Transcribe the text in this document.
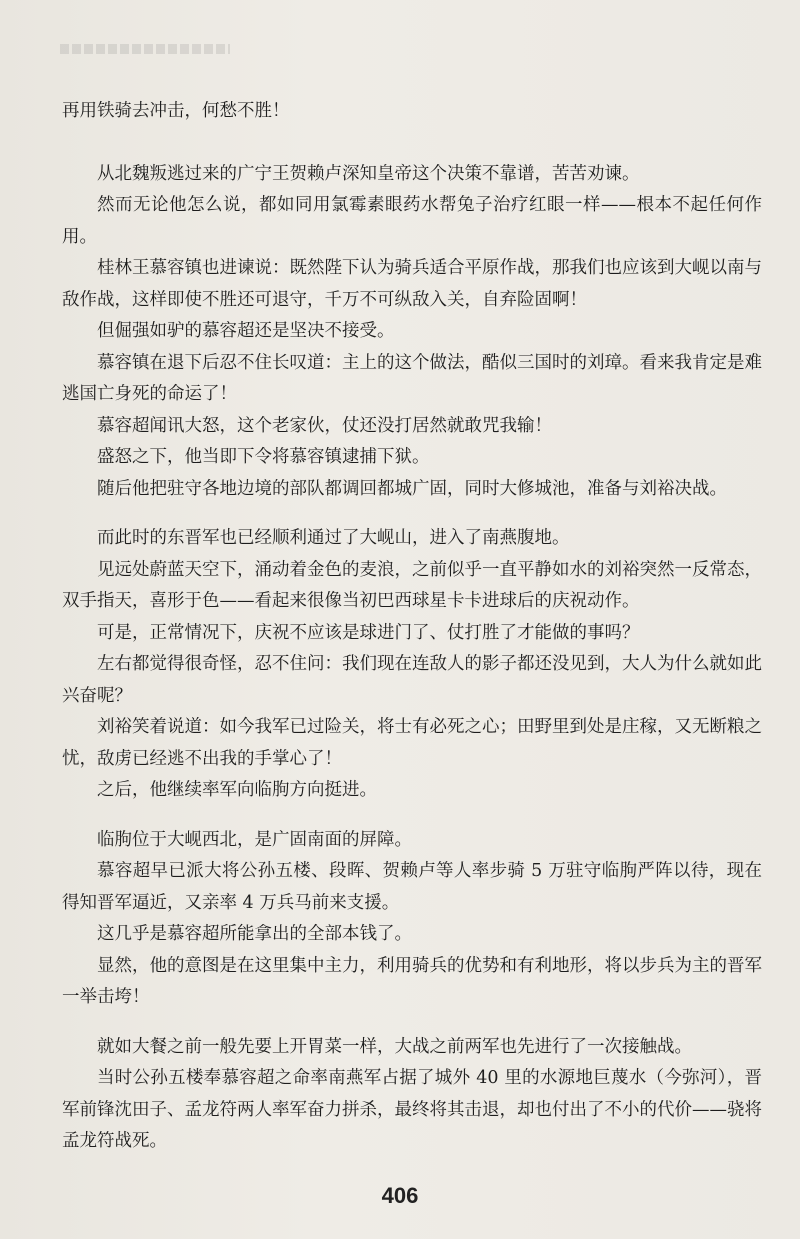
再用铁骑去冲击，何愁不胜！

从北魏叛逃过来的广宁王贺赖卢深知皇帝这个决策不靠谱，苦苦劝谏。

然而无论他怎么说，都如同用氯霉素眼药水帮兔子治疗红眼一样——根本不起任何作用。

桂林王慕容镇也进谏说：既然陛下认为骑兵适合平原作战，那我们也应该到大岘以南与敌作战，这样即使不胜还可退守，千万不可纵敌入关，自弃险固啊！

但倔强如驴的慕容超还是坚决不接受。

慕容镇在退下后忍不住长叹道：主上的这个做法，酷似三国时的刘璋。看来我肯定是难逃国亡身死的命运了！

慕容超闻讯大怒，这个老家伙，仗还没打居然就敢咒我输！

盛怒之下，他当即下令将慕容镇逮捕下狱。

随后他把驻守各地边境的部队都调回都城广固，同时大修城池，准备与刘裕决战。

而此时的东晋军也已经顺利通过了大岘山，进入了南燕腹地。

见远处蔚蓝天空下，涌动着金色的麦浪，之前似乎一直平静如水的刘裕突然一反常态，双手指天，喜形于色——看起来很像当初巴西球星卡卡进球后的庆祝动作。

可是，正常情况下，庆祝不应该是球进门了、仗打胜了才能做的事吗？

左右都觉得很奇怪，忍不住问：我们现在连敌人的影子都还没见到，大人为什么就如此兴奋呢？

刘裕笑着说道：如今我军已过险关，将士有必死之心；田野里到处是庄稼，又无断粮之忧，敌虏已经逃不出我的手掌心了！

之后，他继续率军向临朐方向挺进。

临朐位于大岘西北，是广固南面的屏障。

慕容超早已派大将公孙五楼、段晖、贺赖卢等人率步骑 5 万驻守临朐严阵以待，现在得知晋军逼近，又亲率 4 万兵马前来支援。

这几乎是慕容超所能拿出的全部本钱了。

显然，他的意图是在这里集中主力，利用骑兵的优势和有利地形，将以步兵为主的晋军一举击垮！

就如大餐之前一般先要上开胃菜一样，大战之前两军也先进行了一次接触战。

当时公孙五楼奉慕容超之命率南燕军占据了城外 40 里的水源地巨蔑水（今弥河），晋军前锋沈田子、孟龙符两人率军奋力拼杀，最终将其击退，却也付出了不小的代价——骁将孟龙符战死。

406
